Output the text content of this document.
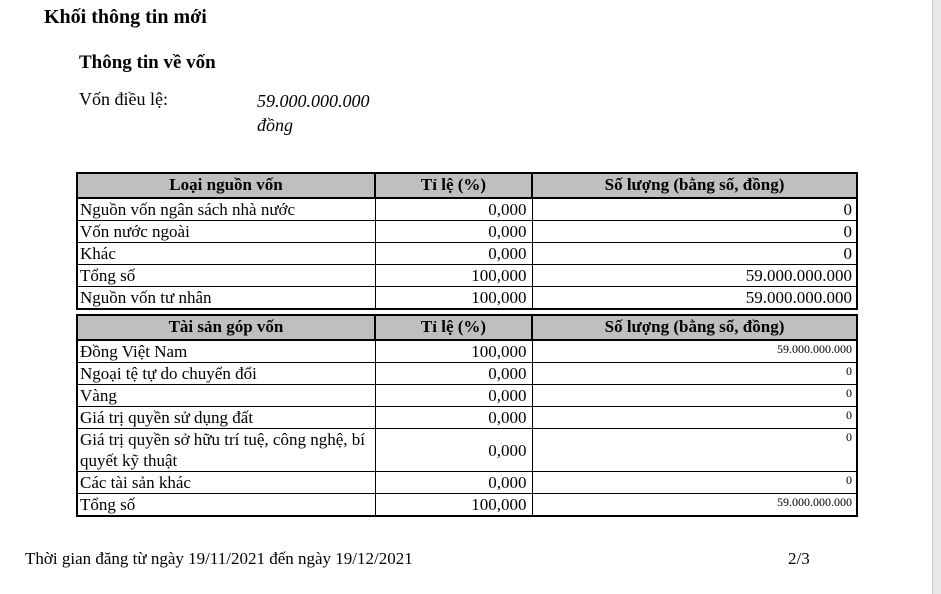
Khối thông tin mới
Thông tin về vốn
Vốn điều lệ:	59.000.000.000
đồng
Loại nguồn vốn	Tỉ lệ (%)	Số lượng (bằng số, đồng)
Nguồn vốn ngân sách nhà nước	0,000	0
Vốn nước ngoài	0,000	0
Khác	0,000	0
Tổng số	100,000	59.000.000.000
Nguồn vốn tư nhân	100,000	59.000.000.000
Tài sản góp vốn	Tỉ lệ (%)	Số lượng (bằng số, đồng)
Đồng Việt Nam	100,000	59.000.000.000
Ngoại tệ tự do chuyển đổi	0,000	0
Vàng	0,000	0
Giá trị quyền sử dụng đất	0,000	0
Giá trị quyền sở hữu trí tuệ, công nghệ, bí quyết kỹ thuật	0,000	0
Các tài sản khác	0,000	0
Tổng số	100,000	59.000.000.000
Thời gian đăng từ ngày 19/11/2021 đến ngày 19/12/2021	2/3
